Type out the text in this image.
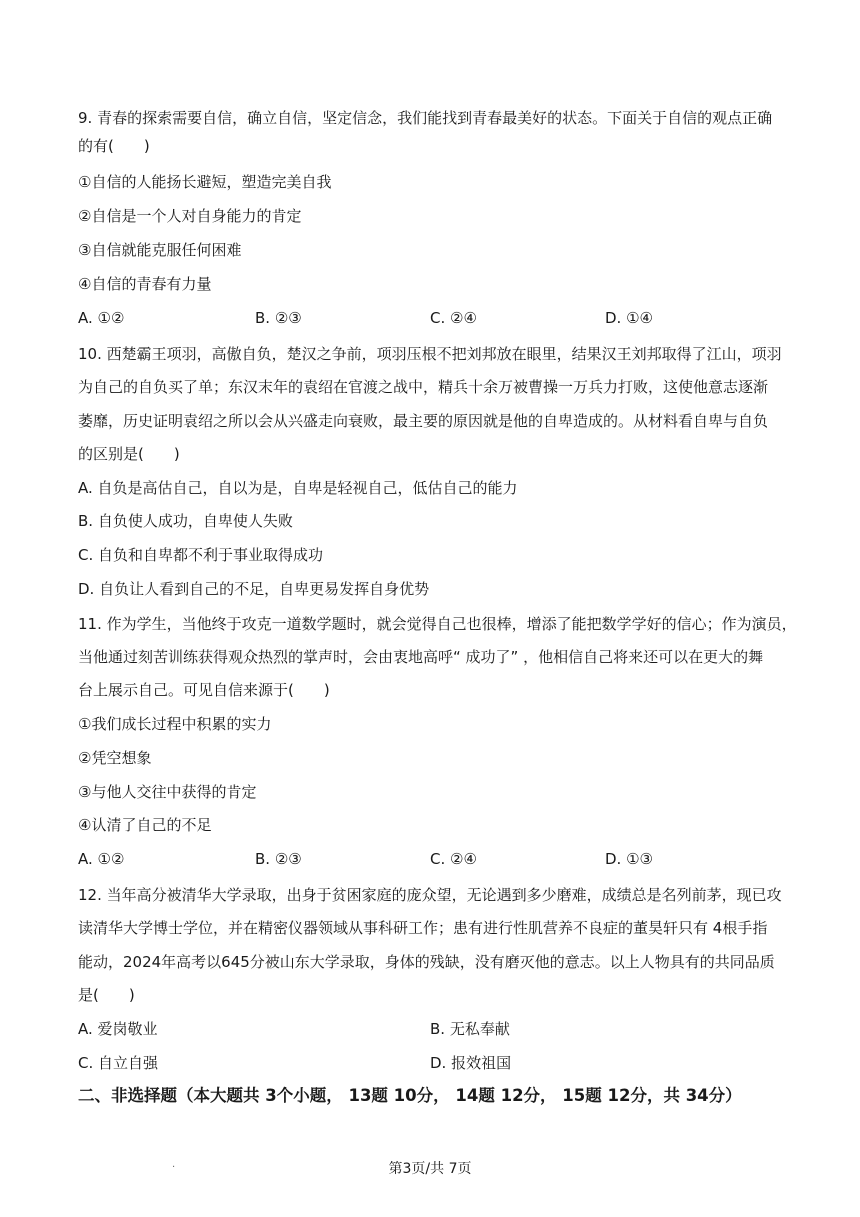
9. 青春的探索需要自信，确立自信，坚定信念，我们能找到青春最美好的状态。下面关于自信的观点正确
的有(　　)
①自信的人能扬长避短，塑造完美自我
②自信是一个人对自身能力的肯定
③自信就能克服任何困难
④自信的青春有力量
A. ①②	B. ②③	C. ②④	D. ①④
10. 西楚霸王项羽，高傲自负，楚汉之争前，项羽压根不把刘邦放在眼里，结果汉王刘邦取得了江山，项羽
为自己的自负买了单；东汉末年的袁绍在官渡之战中，精兵十余万被曹操一万兵力打败，这使他意志逐渐
萎靡，历史证明袁绍之所以会从兴盛走向衰败，最主要的原因就是他的自卑造成的。从材料看自卑与自负
的区别是(　　)
A. 自负是高估自己，自以为是，自卑是轻视自己，低估自己的能力
B. 自负使人成功，自卑使人失败
C. 自负和自卑都不利于事业取得成功
D. 自负让人看到自己的不足，自卑更易发挥自身优势
11. 作为学生，当他终于攻克一道数学题时，就会觉得自己也很棒，增添了能把数学学好的信心；作为演员，
当他通过刻苦训练获得观众热烈的掌声时，会由衷地高呼“ 成功了” ，他相信自己将来还可以在更大的舞
台上展示自己。可见自信来源于(　　)
①我们成长过程中积累的实力
②凭空想象
③与他人交往中获得的肯定
④认清了自己的不足
A. ①②	B. ②③	C. ②④	D. ①③
12. 当年高分被清华大学录取，出身于贫困家庭的庞众望，无论遇到多少磨难，成绩总是名列前茅，现已攻
读清华大学博士学位，并在精密仪器领域从事科研工作；患有进行性肌营养不良症的董昊轩只有 4根手指
能动，2024年高考以645分被山东大学录取，身体的残缺，没有磨灭他的意志。以上人物具有的共同品质
是(　　)
A. 爱岗敬业	B. 无私奉献
C. 自立自强	D. 报效祖国
二、非选择题（本大题共 3个小题， 13题 10分， 14题 12分， 15题 12分，共 34分）
.	第3页/共 7页
